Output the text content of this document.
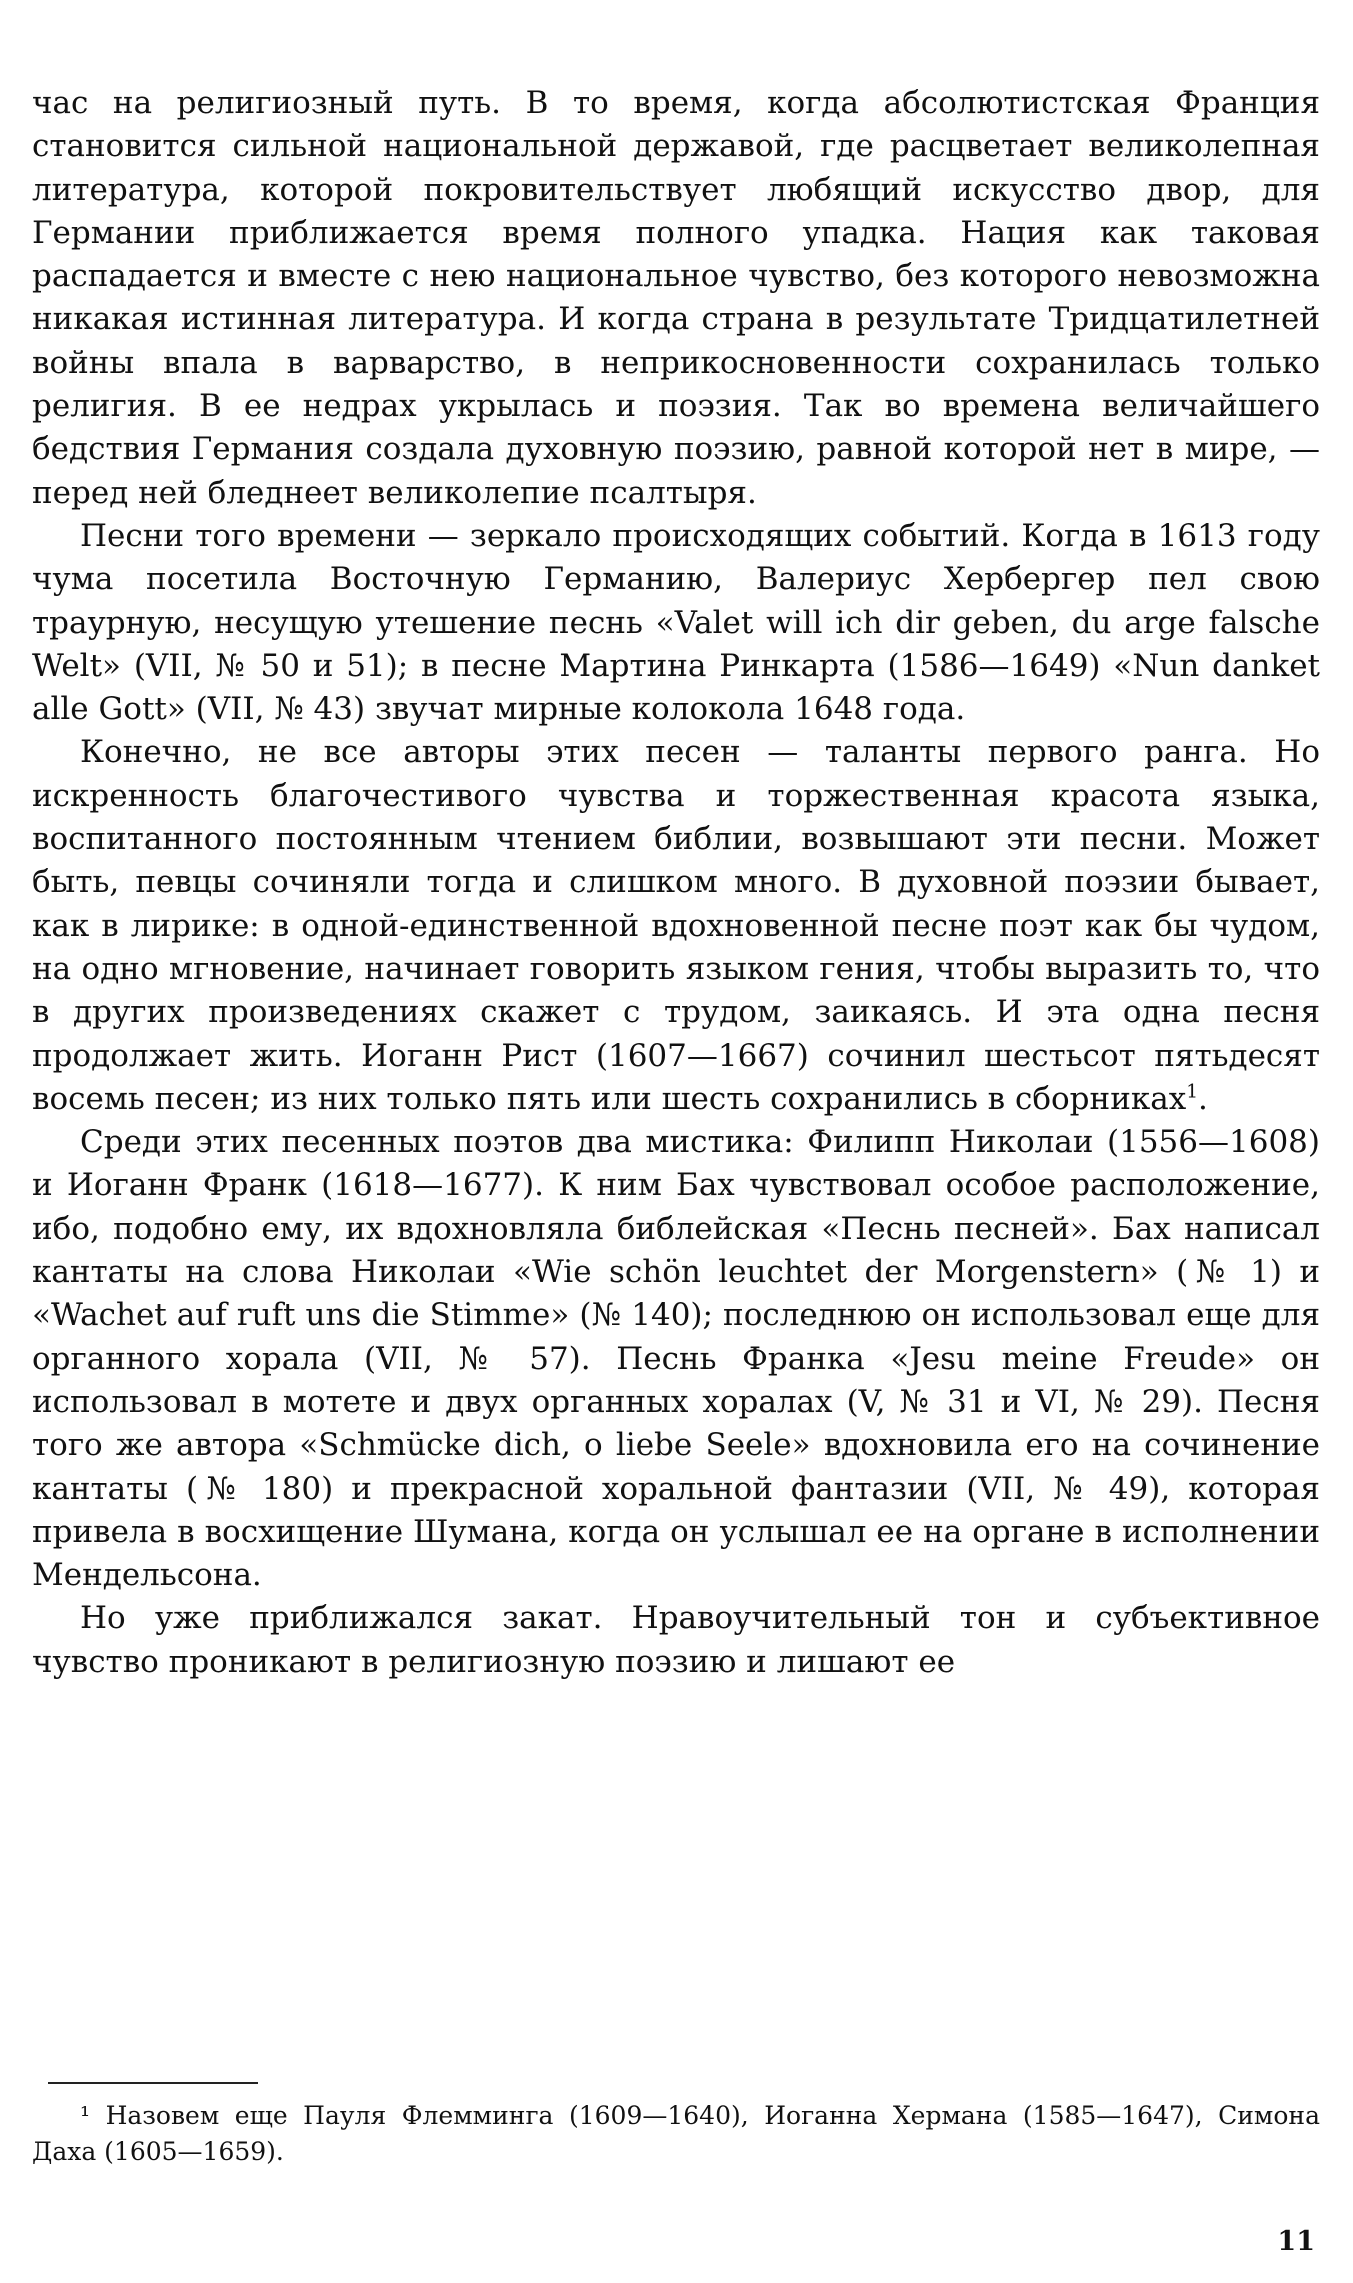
час на религиозный путь. В то время, когда абсолютистская Франция становится сильной национальной державой, где расцветает великолепная литература, которой покровительствует любящий искусство двор, для Германии приближается время полного упадка. Нация как таковая распадается и вместе с нею национальное чувство, без которого невозможна никакая истинная литература. И когда страна в результате Тридцатилетней войны впала в варварство, в неприкосновенности сохранилась только религия. В ее недрах укрылась и поэзия. Так во времена величайшего бедствия Германия создала духовную поэзию, равной которой нет в мире, — перед ней бледнеет великолепие псалтыря.

Песни того времени — зеркало происходящих событий. Когда в 1613 году чума посетила Восточную Германию, Валериус Хербергер пел свою траурную, несущую утешение песнь «Valet will ich dir geben, du arge falsche Welt» (VII, № 50 и 51); в песне Мартина Ринкарта (1586—1649) «Nun danket alle Gott» (VII, № 43) звучат мирные колокола 1648 года.

Конечно, не все авторы этих песен — таланты первого ранга. Но искренность благочестивого чувства и торжественная красота языка, воспитанного постоянным чтением библии, возвышают эти песни. Может быть, певцы сочиняли тогда и слишком много. В духовной поэзии бывает, как в лирике: в одной-единственной вдохновенной песне поэт как бы чудом, на одно мгновение, начинает говорить языком гения, чтобы выразить то, что в других произведениях скажет с трудом, заикаясь. И эта одна песня продолжает жить. Иоганн Рист (1607—1667) сочинил шестьсот пятьдесят восемь песен; из них только пять или шесть сохранились в сборниках$^1$.

Среди этих песенных поэтов два мистика: Филипп Николаи (1556—1608) и Иоганн Франк (1618—1677). К ним Бах чувствовал особое расположение, ибо, подобно ему, их вдохновляла библейская «Песнь песней». Бах написал кантаты на слова Николаи «Wie schön leuchtet der Morgenstern» (№ 1) и «Wachet auf ruft uns die Stimme» (№ 140); последнюю он использовал еще для органного хорала (VII, № 57). Песнь Франка «Jesu meine Freude» он использовал в мотете и двух органных хоралах (V, № 31 и VI, № 29). Песня того же автора «Schmücke dich, o liebe Seele» вдохновила его на сочинение кантаты (№ 180) и прекрасной хоральной фантазии (VII, № 49), которая привела в восхищение Шумана, когда он услышал ее на органе в исполнении Мендельсона.

Но уже приближался закат. Нравоучительный тон и субъективное чувство проникают в религиозную поэзию и лишают ее

¹ Назовем еще Пауля Флемминга (1609—1640), Иоганна Хермана (1585—1647), Симона Даха (1605—1659).

11
